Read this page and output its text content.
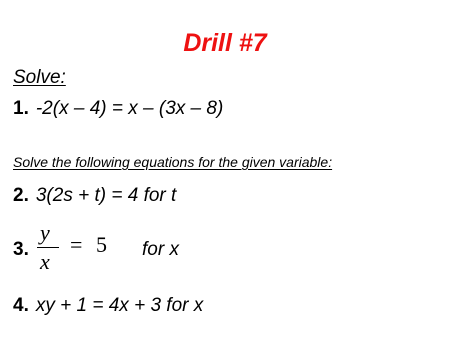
Drill #7
Solve:
1. -2(x – 4) = x – (3x – 8)
Solve the following equations for the given variable:
2. 3(2s + t) = 4 for t
3.
y
x
= 5 for x
4. xy + 1 = 4x + 3 for x
